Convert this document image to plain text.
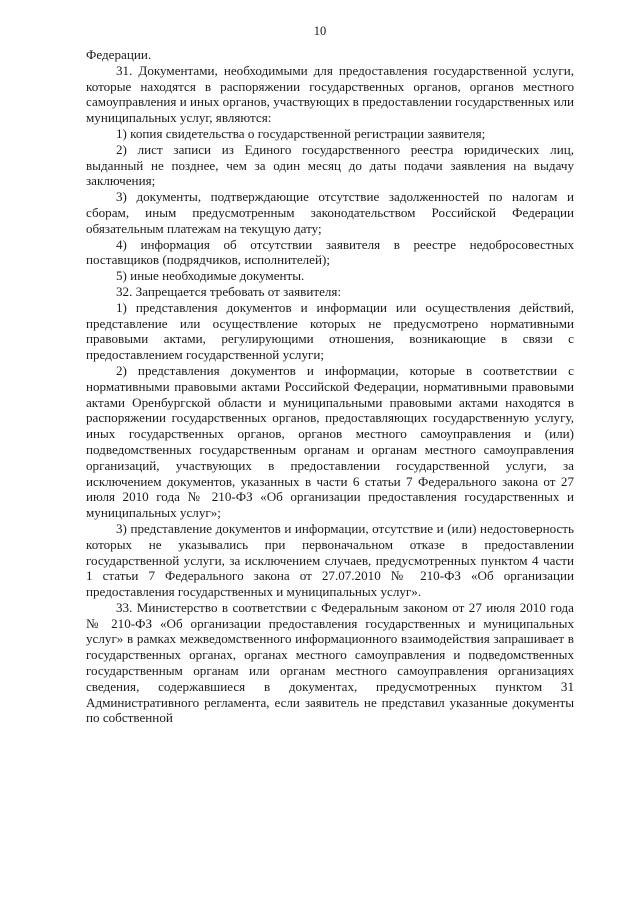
10

Федерации.

31. Документами, необходимыми для предоставления государственной услуги, которые находятся в распоряжении государственных органов, органов местного самоуправления и иных органов, участвующих в предоставлении государственных или муниципальных услуг, являются:

1) копия свидетельства о государственной регистрации заявителя;

2) лист записи из Единого государственного реестра юридических лиц, выданный не позднее, чем за один месяц до даты подачи заявления на выдачу заключения;

3) документы, подтверждающие отсутствие задолженностей по налогам и сборам, иным предусмотренным законодательством Российской Федерации обязательным платежам на текущую дату;

4) информация об отсутствии заявителя в реестре недобросовестных поставщиков (подрядчиков, исполнителей);

5) иные необходимые документы.

32. Запрещается требовать от заявителя:

1) представления документов и информации или осуществления действий, представление или осуществление которых не предусмотрено нормативными правовыми актами, регулирующими отношения, возникающие в связи с предоставлением государственной услуги;

2) представления документов и информации, которые в соответствии с нормативными правовыми актами Российской Федерации, нормативными правовыми актами Оренбургской области и муниципальными правовыми актами находятся в распоряжении государственных органов, предоставляющих государственную услугу, иных государственных органов, органов местного самоуправления и (или) подведомственных государственным органам и органам местного самоуправления организаций, участвующих в предоставлении государственной услуги, за исключением документов, указанных в части 6 статьи 7 Федерального закона от 27 июля 2010 года № 210-ФЗ «Об организации предоставления государственных и муниципальных услуг»;

3) представление документов и информации, отсутствие и (или) недостоверность которых не указывались при первоначальном отказе в предоставлении государственной услуги, за исключением случаев, предусмотренных пунктом 4 части 1 статьи 7 Федерального закона от 27.07.2010 № 210-ФЗ «Об организации предоставления государственных и муниципальных услуг».

33. Министерство в соответствии с Федеральным законом от 27 июля 2010 года № 210-ФЗ «Об организации предоставления государственных и муниципальных услуг» в рамках межведомственного информационного взаимодействия запрашивает в государственных органах, органах местного самоуправления и подведомственных государственным органам или органам местного самоуправления организациях сведения, содержавшиеся в документах, предусмотренных пунктом 31 Административного регламента, если заявитель не представил указанные документы по собственной
